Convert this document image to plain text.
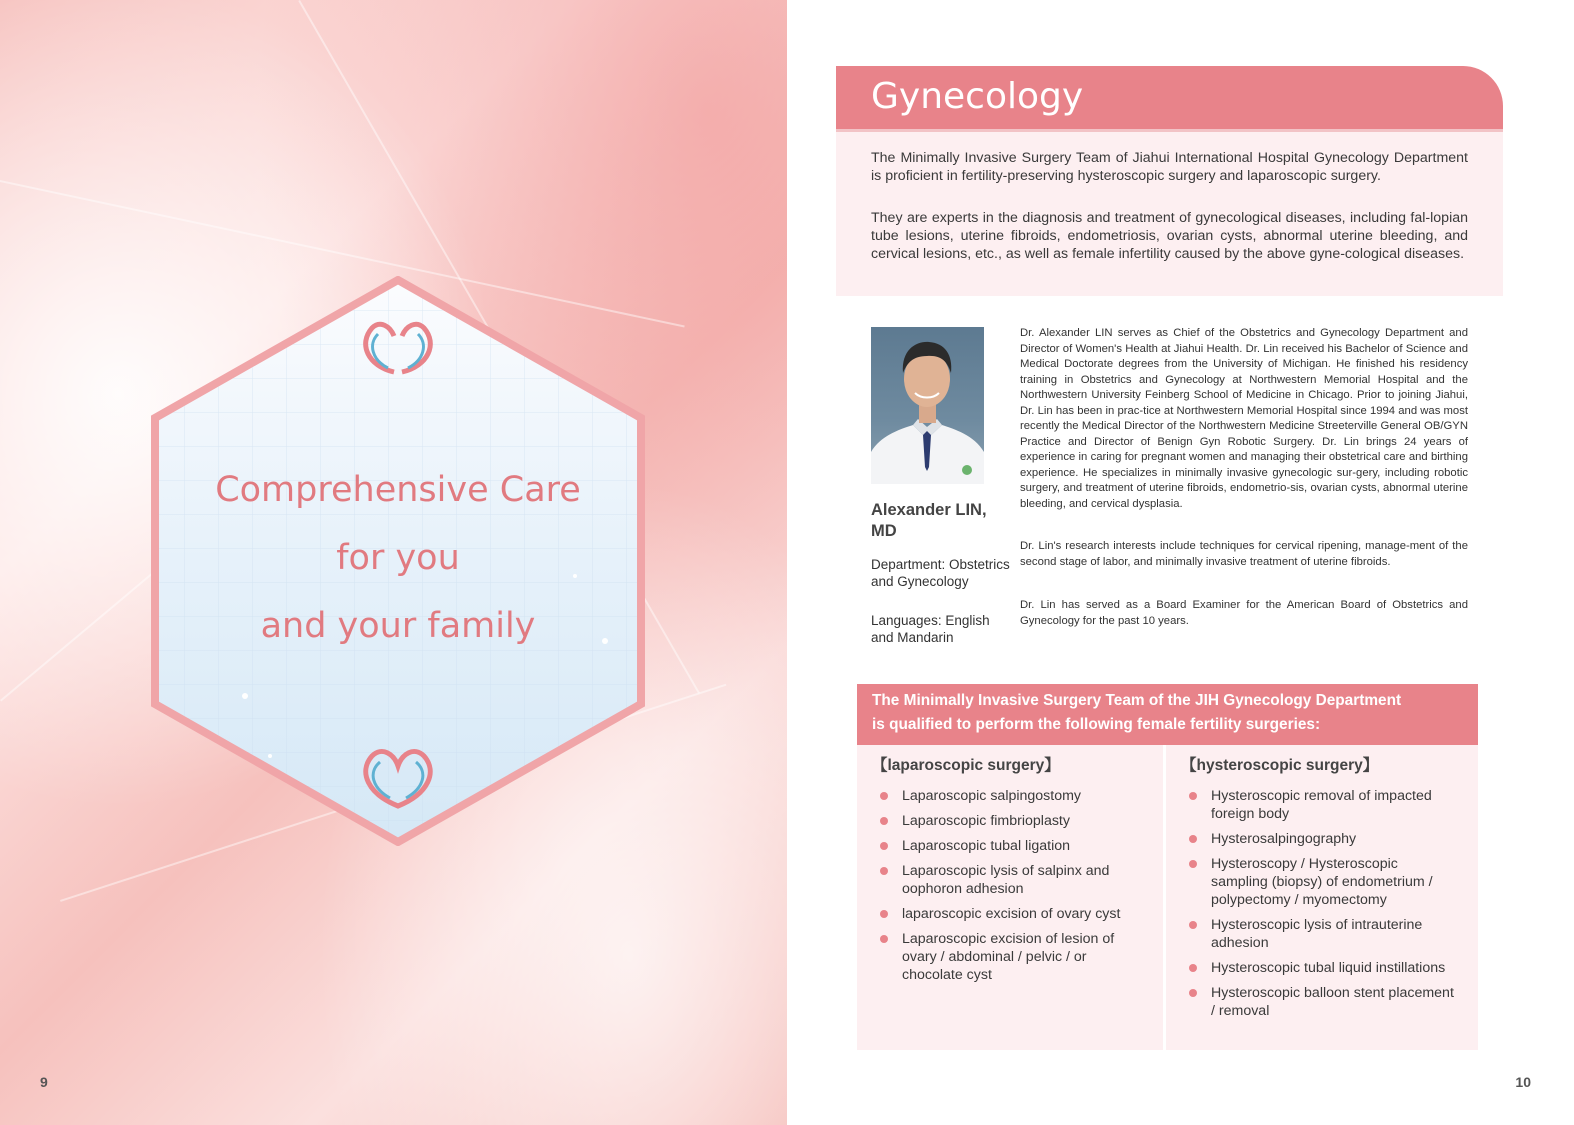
Comprehensive Care
for you
and your family
9
Gynecology

The Minimally Invasive Surgery Team of Jiahui International Hospital Gynecology Department is proficient in fertility-preserving hysteroscopic surgery and laparoscopic surgery.

They are experts in the diagnosis and treatment of gynecological diseases, including fal-lopian tube lesions, uterine fibroids, endometriosis, ovarian cysts, abnormal uterine bleeding, and cervical lesions, etc., as well as female infertility caused by the above gyne-cological diseases.

Alexander LIN,
MD
Department: Obstetrics and Gynecology
Languages: English and Mandarin

Dr. Alexander LIN serves as Chief of the Obstetrics and Gynecology Department and Director of Women's Health at Jiahui Health. Dr. Lin received his Bachelor of Science and Medical Doctorate degrees from the University of Michigan. He finished his residency training in Obstetrics and Gynecology at Northwestern Memorial Hospital and the Northwestern University Feinberg School of Medicine in Chicago. Prior to joining Jiahui, Dr. Lin has been in prac-tice at Northwestern Memorial Hospital since 1994 and was most recently the Medical Director of the Northwestern Medicine Streeterville General OB/GYN Practice and Director of Benign Gyn Robotic Surgery. Dr. Lin brings 24 years of experience in caring for pregnant women and managing their obstetrical care and birthing experience. He specializes in minimally invasive gynecologic sur-gery, including robotic surgery, and treatment of uterine fibroids, endometrio-sis, ovarian cysts, abnormal uterine bleeding, and cervical dysplasia.

Dr. Lin's research interests include techniques for cervical ripening, manage-ment of the second stage of labor, and minimally invasive treatment of uterine fibroids.

Dr. Lin has served as a Board Examiner for the American Board of Obstetrics and Gynecology for the past 10 years.

The Minimally Invasive Surgery Team of the JIH Gynecology Department
is qualified to perform the following female fertility surgeries:
【laparoscopic surgery】
Laparoscopic salpingostomy
Laparoscopic fimbrioplasty
Laparoscopic tubal ligation
Laparoscopic lysis of salpinx and oophoron adhesion
laparoscopic excision of ovary cyst
Laparoscopic excision of lesion of ovary / abdominal / pelvic / or chocolate cyst
【hysteroscopic surgery】
Hysteroscopic removal of impacted foreign body
Hysterosalpingography
Hysteroscopy / Hysteroscopic sampling (biopsy) of endometrium / polypectomy / myomectomy
Hysteroscopic lysis of intrauterine adhesion
Hysteroscopic tubal liquid instillations
Hysteroscopic balloon stent placement / removal
10
